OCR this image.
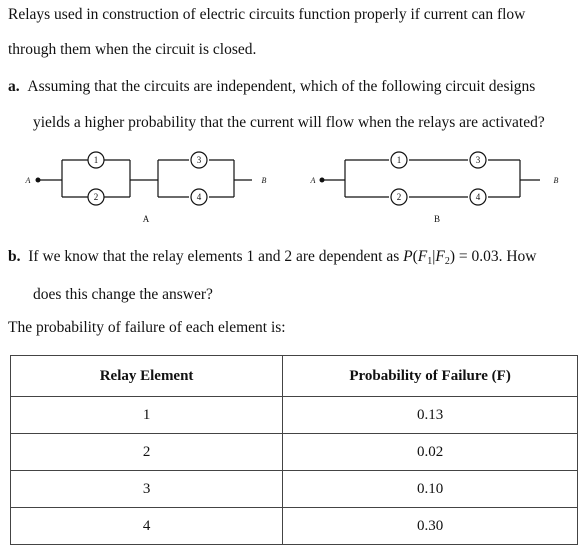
Relays used in construction of electric circuits function properly if current can flow
through them when the circuit is closed.
a. Assuming that the circuits are independent, which of the following circuit designs
yields a higher probability that the current will flow when the relays are activated?
1
2
3
4
1
2
3
4
A	B	A	B
A	B
b. If we know that the relay elements 1 and 2 are dependent as $P(F_1|F_2) = 0.03$. How
does this change the answer?
The probability of failure of each element is:
Relay Element	Probability of Failure (F)
1	0.13
2	0.02
3	0.10
4	0.30
